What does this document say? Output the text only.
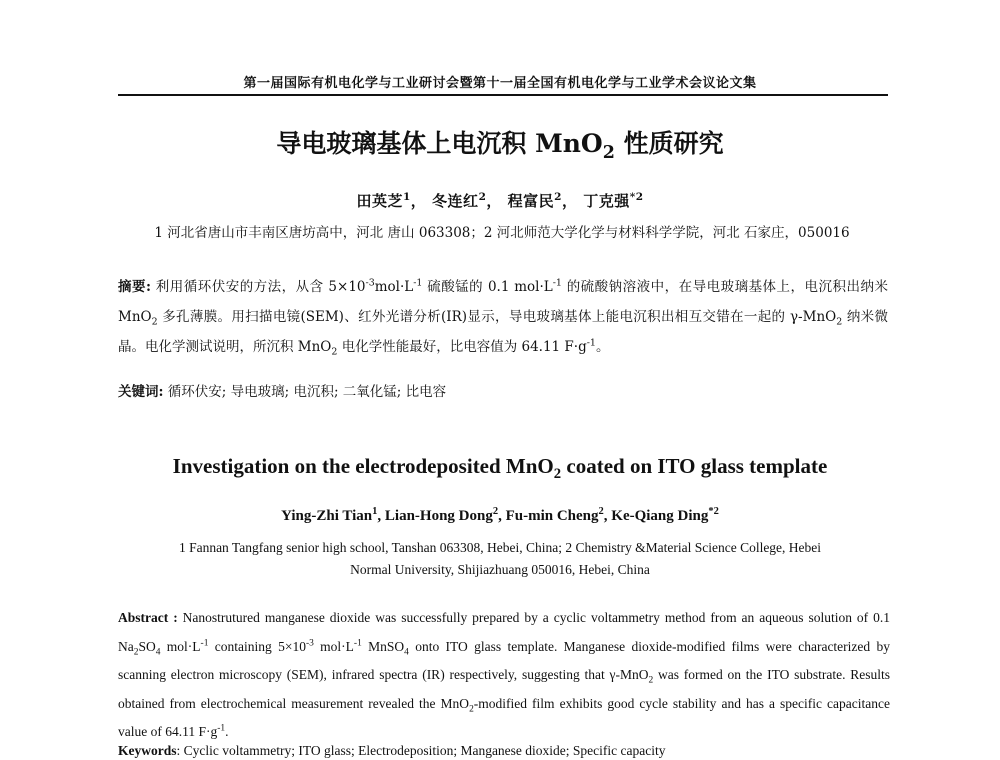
第一届国际有机电化学与工业研讨会暨第十一届全国有机电化学与工业学术会议论文集
导电玻璃基体上电沉积 MnO$_2$ 性质研究
田英芝$^1$， 冬连红$^2$， 程富民$^2$， 丁克强$^{*2}$
1 河北省唐山市丰南区唐坊高中，河北 唐山 063308；2 河北师范大学化学与材料科学学院，河北 石家庄，050016
摘要: 利用循环伏安的方法，从含 $5\times 10^{-3}mol\cdot L^{-1}$ 硫酸锰的 0.1 $mol\cdot L^{-1}$ 的硫酸钠溶液中，在导电玻璃基体上，电沉积出纳米 MnO$_2$ 多孔薄膜。用扫描电镜(SEM)、红外光谱分析(IR)显示，导电玻璃基体上能电沉积出相互交错在一起的 γ-MnO$_2$ 纳米微晶。电化学测试说明，所沉积 MnO$_2$ 电化学性能最好，比电容值为 64.11 $F\cdot g^{-1}$。
关键词: 循环伏安; 导电玻璃; 电沉积; 二氧化锰; 比电容
Investigation on the electrodeposited MnO$_2$ coated on ITO glass template
Ying-Zhi Tian$^1$, Lian-Hong Dong$^2$, Fu-min Cheng$^2$, Ke-Qiang Ding$^{*2}$
1 Fannan Tangfang senior high school, Tanshan 063308, Hebei, China; 2 Chemistry &Material Science College, Hebei
Normal University, Shijiazhuang 050016, Hebei, China
Abstract : Nanostrutured manganese dioxide was successfully prepared by a cyclic voltammetry method from an aqueous solution of 0.1 $Na_2SO_4$ $mol\cdot L^{-1}$ containing $5\times 10^{-3}$ $mol\cdot L^{-1}$ MnSO$_4$ onto ITO glass template. Manganese dioxide-modified films were characterized by scanning electron microscopy (SEM), infrared spectra (IR) respectively, suggesting that γ-MnO$_2$ was formed on the ITO substrate. Results obtained from electrochemical measurement revealed the MnO$_2$-modified film exhibits good cycle stability and has a specific capacitance value of 64.11 $F\cdot g^{-1}$.
Keywords: Cyclic voltammetry; ITO glass; Electrodeposition; Manganese dioxide; Specific capacity
